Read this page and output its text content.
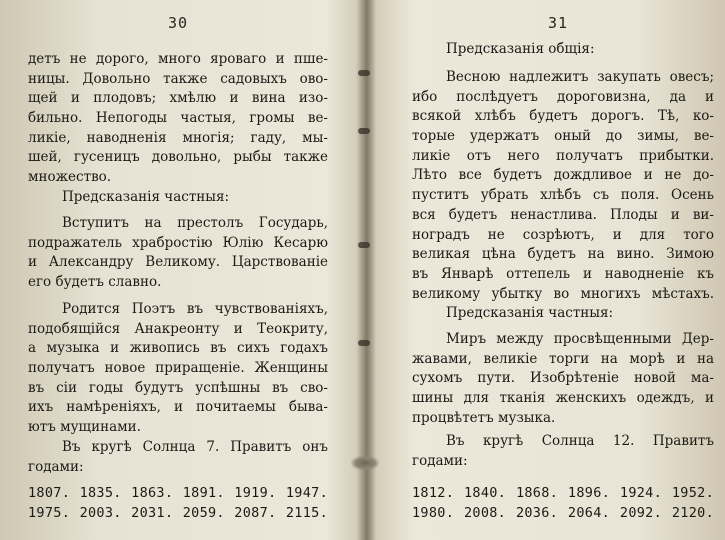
30
детъ не дорого, много яроваго и пше-
ницы. Довольно также садовыхъ ово-
щей и плодовъ; хмѣлю и вина изо-
бильно. Непогоды частыя, громы ве-
ликіе, наводненія многія; гаду, мы-
шей, гусеницъ довольно, рыбы также
множество.
Предсказанія частныя:
Вступитъ на престолъ Государь,
подражатель храбростію Юлію Кесарю
и Александру Великому. Царствованіе
его будетъ славно.
Родится Поэтъ въ чувствованіяхъ,
подобящійся Анакреонту и Теокриту,
а музыка и живопись въ сихъ годахъ
получатъ новое приращеніе. Женщины
въ сіи годы будутъ успѣшны въ сво-
ихъ намѣреніяхъ, и почитаемы быва-
ютъ мущинами.
Въ кругѣ Солнца 7. Правитъ онъ
годами:
1807. 1835. 1863. 1891. 1919. 1947.
1975. 2003. 2031. 2059. 2087. 2115.
31
Предсказанія общія:
Весною надлежитъ закупать овесъ;
ибо послѣдуетъ дороговизна, да и
всякой хлѣбъ будетъ дорогъ. Тѣ, ко-
торые удержатъ оный до зимы, ве-
ликіе отъ него получатъ прибытки.
Лѣто все будетъ дождливое и не до-
пуститъ убрать хлѣбъ съ поля. Осень
вся будетъ ненастлива. Плоды и ви-
ноградъ не созрѣютъ, и для того
великая цѣна будетъ на вино. Зимою
въ Январѣ оттепель и наводненіе къ
великому убытку во многихъ мѣстахъ.
Предсказанія частныя:
Миръ между просвѣщенными Дер-
жавами, великіе торги на морѣ и на
сухомъ пути. Изобрѣтеніе новой ма-
шины для тканія женскихъ одеждъ, и
процвѣтетъ музыка.
Въ кругѣ Солнца 12. Правитъ
годами:
1812. 1840. 1868. 1896. 1924. 1952.
1980. 2008. 2036. 2064. 2092. 2120.
